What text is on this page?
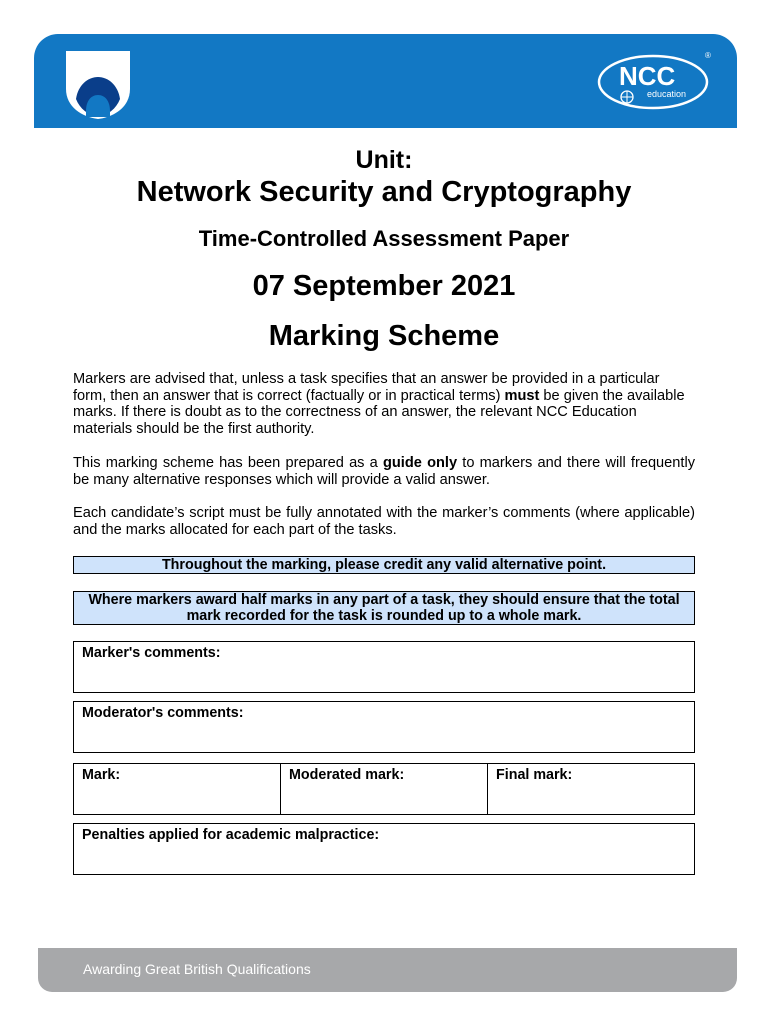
NCC
education
®
Unit:
Network Security and Cryptography
Time-Controlled Assessment Paper
07 September 2021
Marking Scheme
Markers are advised that, unless a task specifies that an answer be provided in a particular form, then an answer that is correct (factually or in practical terms) must be given the available marks. If there is doubt as to the correctness of an answer, the relevant NCC Education materials should be the first authority.
This marking scheme has been prepared as a guide only to markers and there will frequently be many alternative responses which will provide a valid answer.
Each candidate’s script must be fully annotated with the marker’s comments (where applicable) and the marks allocated for each part of the tasks.
Throughout the marking, please credit any valid alternative point.
Where markers award half marks in any part of a task, they should ensure that the total mark recorded for the task is rounded up to a whole mark.
Marker's comments:
Moderator's comments:
Mark:	Moderated mark:	Final mark:
Penalties applied for academic malpractice:
Awarding Great British Qualifications
